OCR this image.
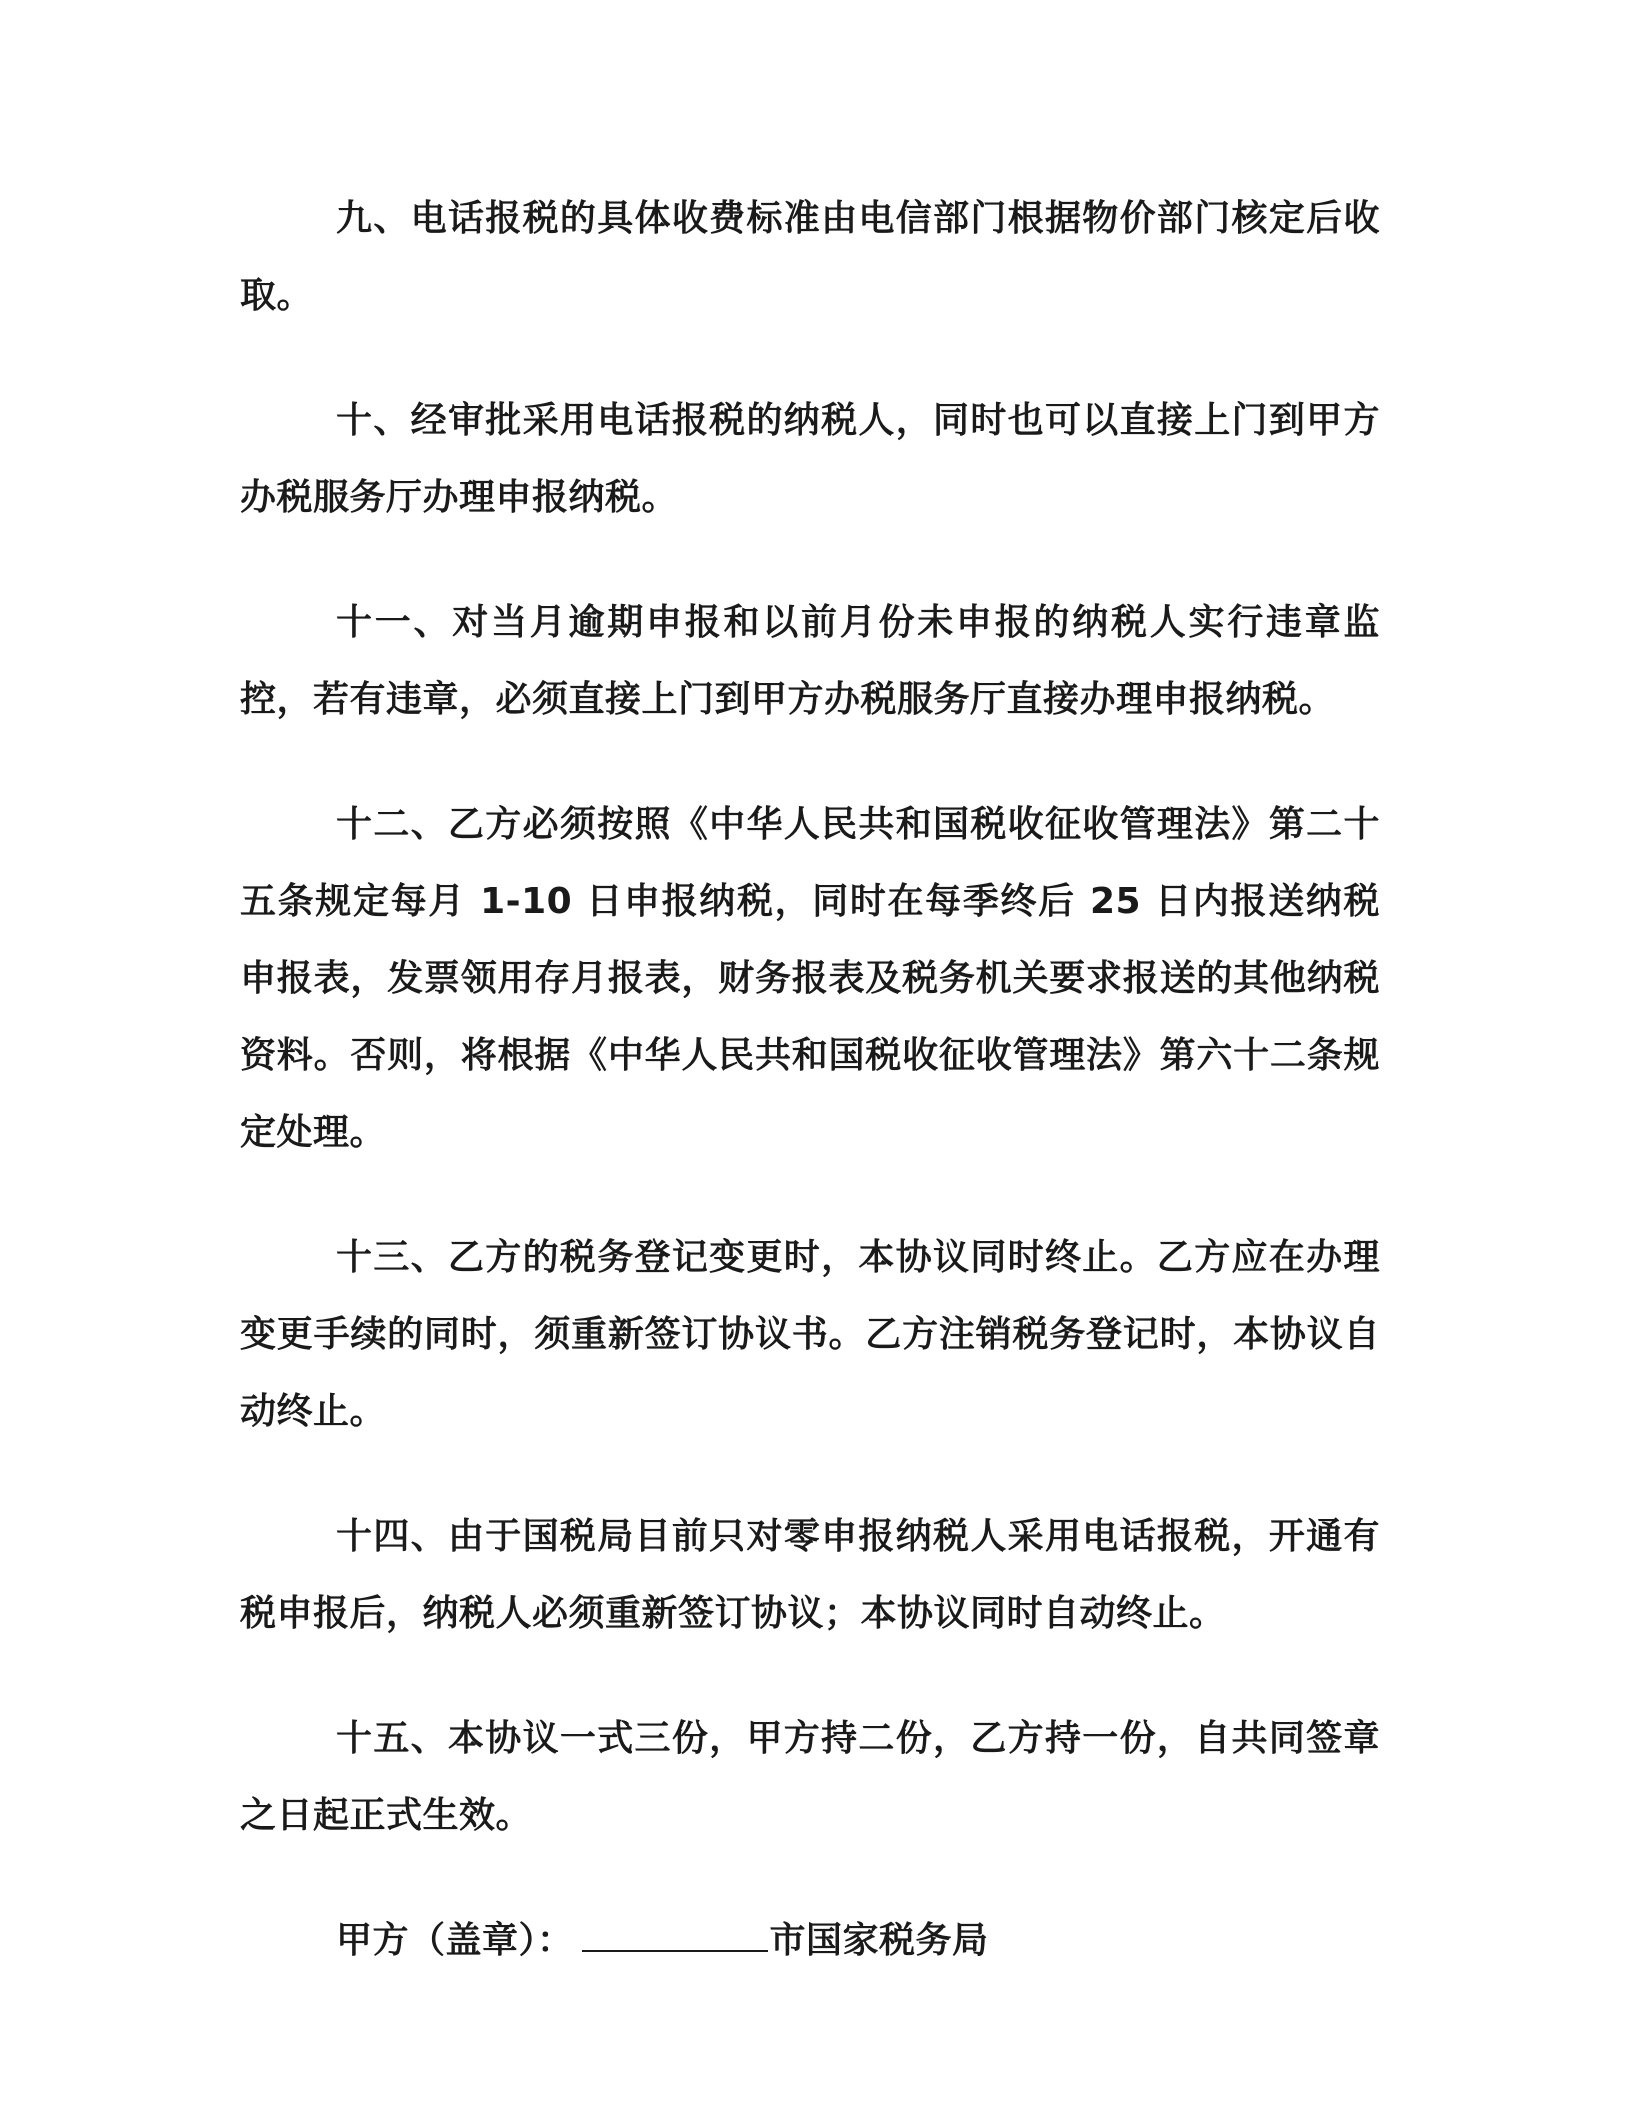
九、电话报税的具体收费标准由电信部门根据物价部门核定后收取。

十、经审批采用电话报税的纳税人，同时也可以直接上门到甲方办税服务厅办理申报纳税。

十一、对当月逾期申报和以前月份未申报的纳税人实行违章监控，若有违章，必须直接上门到甲方办税服务厅直接办理申报纳税。

十二、乙方必须按照《中华人民共和国税收征收管理法》第二十五条规定每月 1-10 日申报纳税，同时在每季终后 25 日内报送纳税申报表，发票领用存月报表，财务报表及税务机关要求报送的其他纳税资料。否则，将根据《中华人民共和国税收征收管理法》第六十二条规定处理。

十三、乙方的税务登记变更时，本协议同时终止。乙方应在办理变更手续的同时，须重新签订协议书。乙方注销税务登记时，本协议自动终止。

十四、由于国税局目前只对零申报纳税人采用电话报税，开通有税申报后，纳税人必须重新签订协议；本协议同时自动终止。

十五、本协议一式三份，甲方持二份，乙方持一份，自共同签章之日起正式生效。

甲方（盖章）：	市国家税务局
